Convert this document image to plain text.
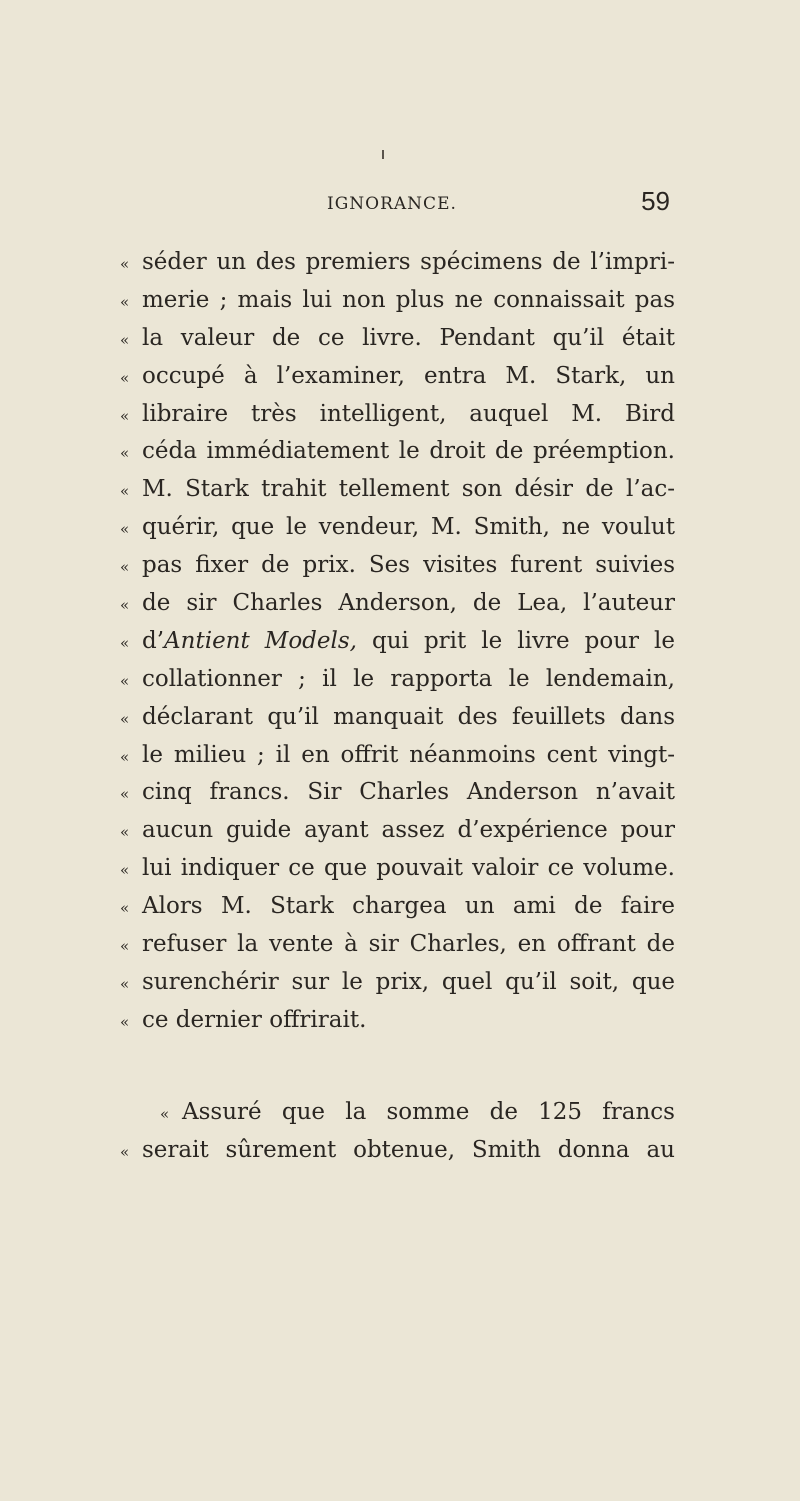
IGNORANCE.	59
« séder un des premiers spécimens de l’impri-
« merie ; mais lui non plus ne connaissait pas
« la valeur de ce livre. Pendant qu’il était
« occupé à l’examiner, entra M. Stark, un
« libraire très intelligent, auquel M. Bird
« céda immédiatement le droit de préemption.
« M. Stark trahit tellement son désir de l’ac-
« quérir, que le vendeur, M. Smith, ne voulut
« pas fixer de prix. Ses visites furent suivies
« de sir Charles Anderson, de Lea, l’auteur
« d’Antient Models, qui prit le livre pour le
« collationner ; il le rapporta le lendemain,
« déclarant qu’il manquait des feuillets dans
« le milieu ; il en offrit néanmoins cent vingt-
« cinq francs. Sir Charles Anderson n’avait
« aucun guide ayant assez d’expérience pour
« lui indiquer ce que pouvait valoir ce volume.
« Alors M. Stark chargea un ami de faire
« refuser la vente à sir Charles, en offrant de
« surenchérir sur le prix, quel qu’il soit, que
« ce dernier offrirait.
« Assuré que la somme de 125 francs
« serait sûrement obtenue, Smith donna au
